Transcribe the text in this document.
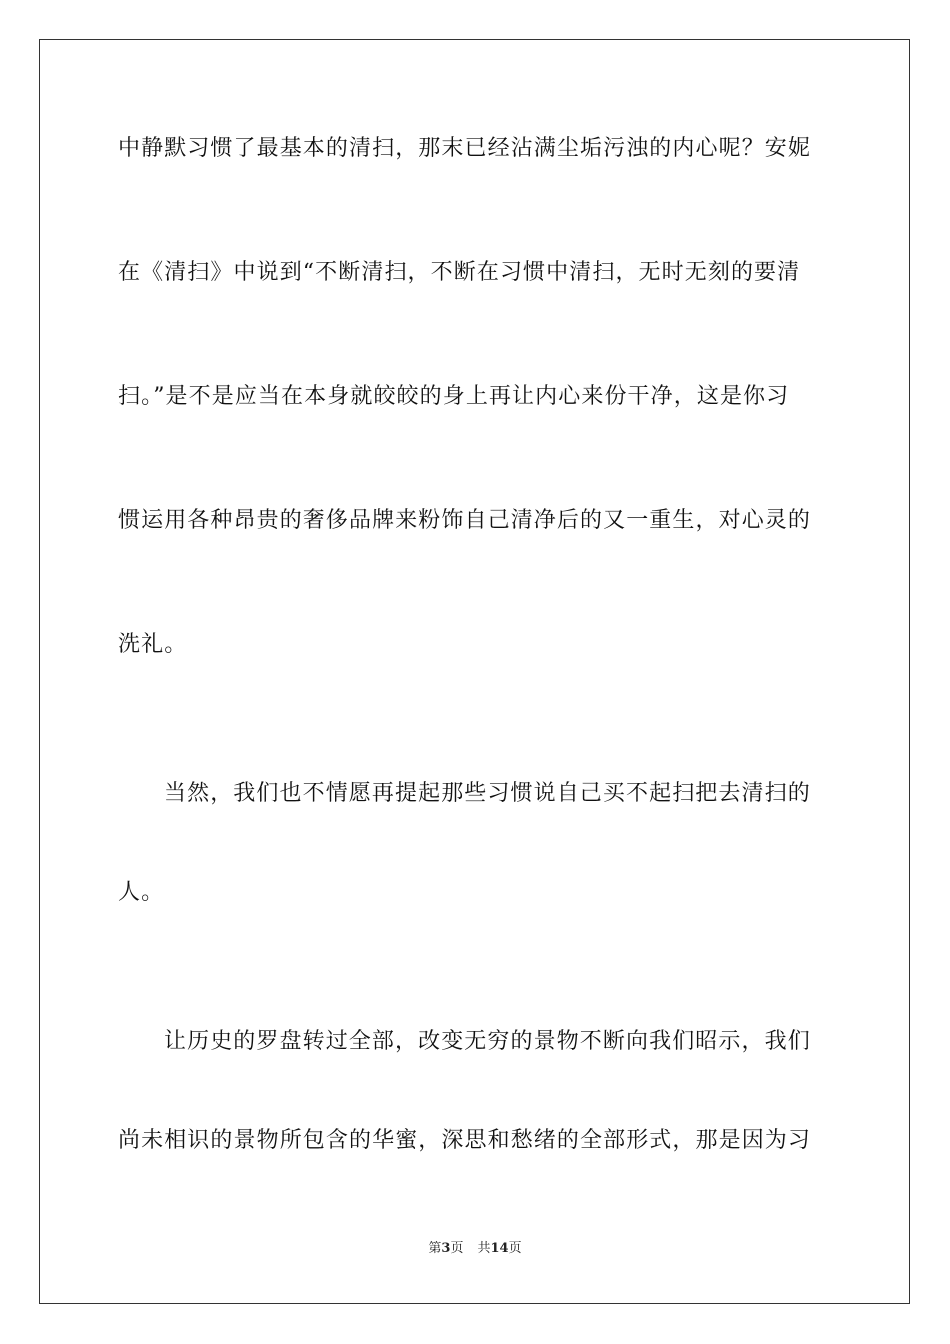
中静默习惯了最基本的清扫，那末已经沾满尘垢污浊的内心呢？安妮
在《清扫》中说到“不断清扫，不断在习惯中清扫，无时无刻的要清
扫。”是不是应当在本身就皎皎的身上再让内心来份干净，这是你习
惯运用各种昂贵的奢侈品牌来粉饰自己清净后的又一重生，对心灵的
洗礼。
当然，我们也不情愿再提起那些习惯说自己买不起扫把去清扫的
人。
让历史的罗盘转过全部，改变无穷的景物不断向我们昭示，我们
尚未相识的景物所包含的华蜜，深思和愁绪的全部形式，那是因为习
第3页 共14页
